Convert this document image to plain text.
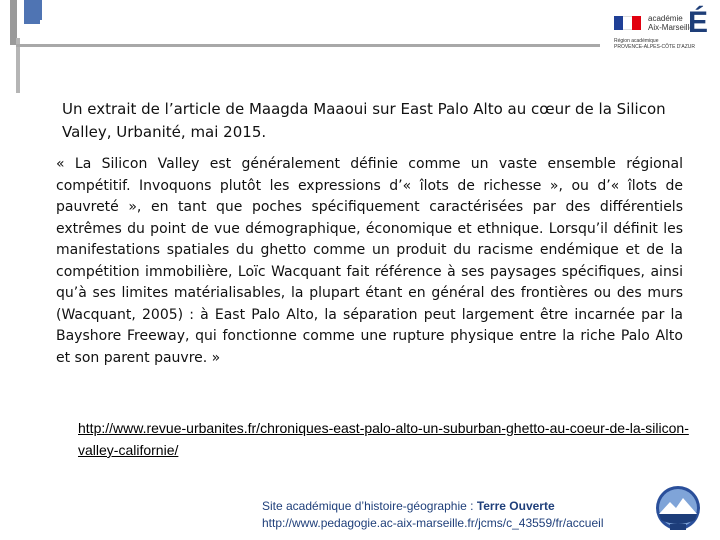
académie
Aix-Marseille
É
Région académique
PROVENCE-ALPES-CÔTE D'AZUR
Un extrait de l’article de Maagda Maaoui sur East Palo Alto au cœur de la Silicon Valley, Urbanité, mai 2015.
« La Silicon Valley est généralement définie comme un vaste ensemble régional compétitif. Invoquons plutôt les expressions d’« îlots de richesse », ou d’« îlots de pauvreté », en tant que poches spécifiquement caractérisées par des différentiels extrêmes du point de vue démographique, économique et ethnique. Lorsqu’il définit les manifestations spatiales du ghetto comme un produit du racisme endémique et de la compétition immobilière, Loïc Wacquant fait référence à ses paysages spécifiques, ainsi qu’à ses limites matérialisables, la plupart étant en général des frontières ou des murs (Wacquant, 2005) : à East Palo Alto, la séparation peut largement être incarnée par la Bayshore Freeway, qui fonctionne comme une rupture physique entre la riche Palo Alto et son parent pauvre. »
http://www.revue-urbanites.fr/chroniques-east-palo-alto-un-suburban-ghetto-au-coeur-de-la-silicon-valley-californie/
Site académique d’histoire-géographie : Terre Ouverte
http://www.pedagogie.ac-aix-marseille.fr/jcms/c_43559/fr/accueil
